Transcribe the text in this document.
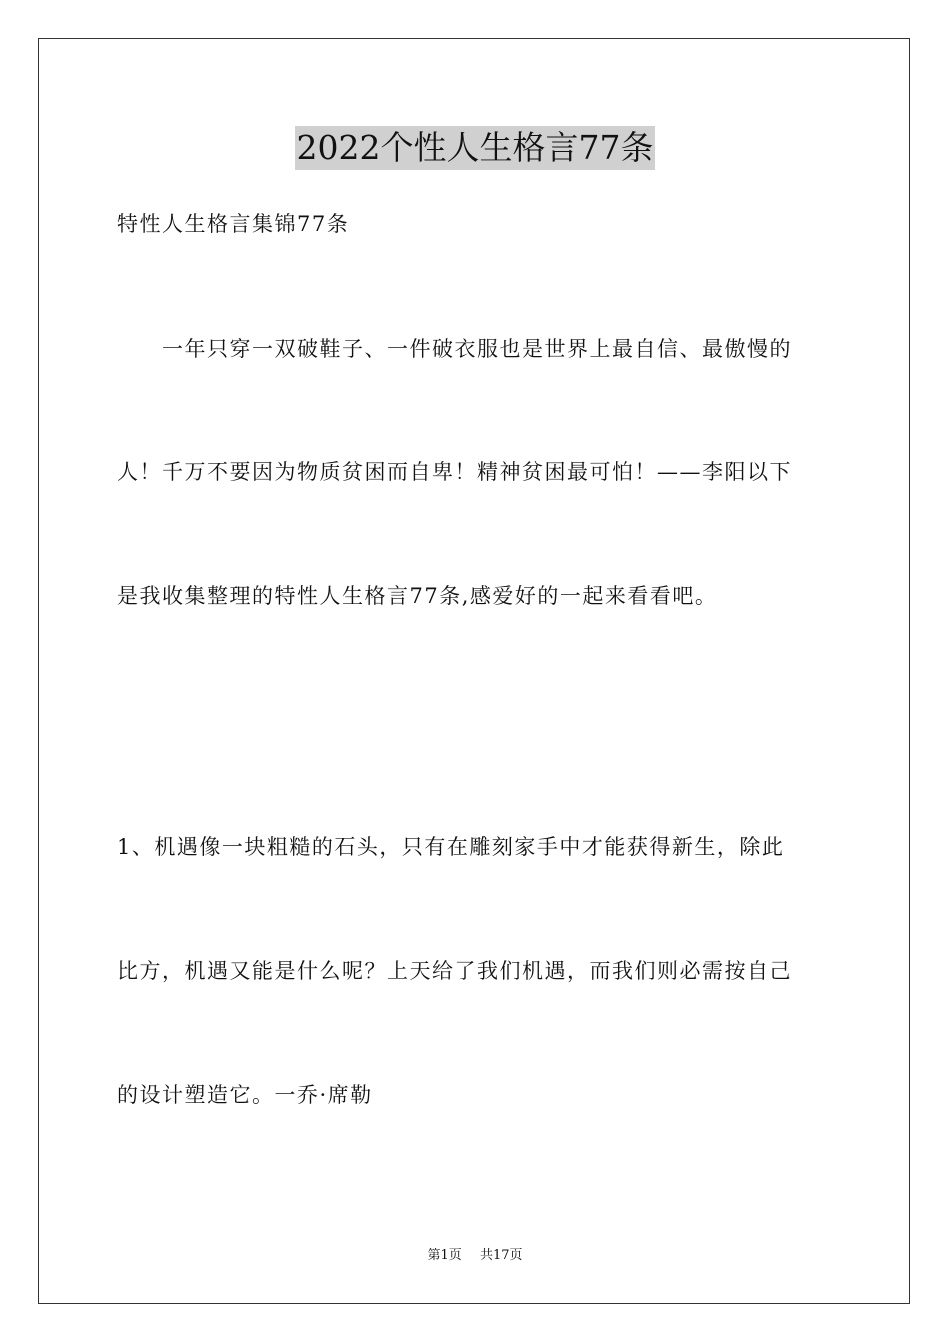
2022个性人生格言77条
特性人生格言集锦77条
一年只穿一双破鞋子、一件破衣服也是世界上最自信、最傲慢的
人！千万不要因为物质贫困而自卑！精神贫困最可怕！——李阳以下
是我收集整理的特性人生格言77条,感爱好的一起来看看吧。
1、机遇像一块粗糙的石头，只有在雕刻家手中才能获得新生，除此
比方，机遇又能是什么呢？上天给了我们机遇，而我们则必需按自己
的设计塑造它。一乔·席勒
第1页 共17页
